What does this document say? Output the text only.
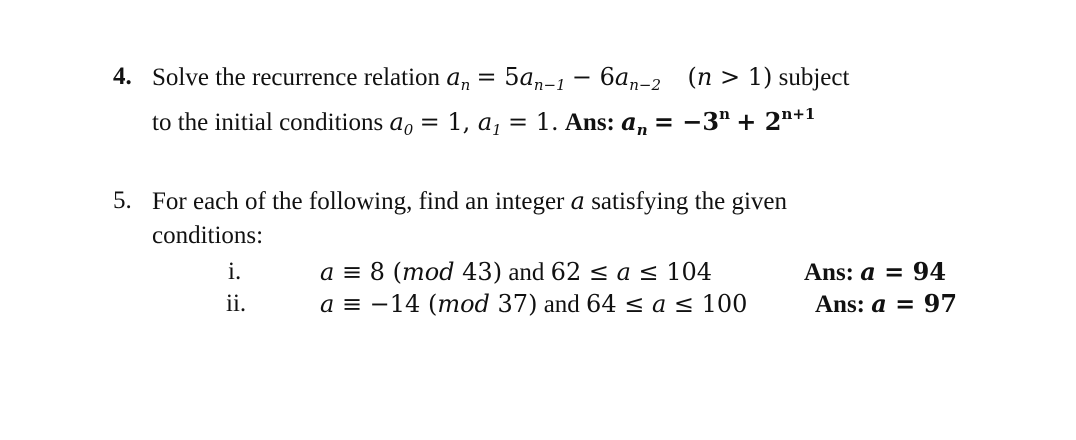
4. Solve the recurrence relation $a_n = 5a_{n-1} - 6a_{n-2}$ (n > 1) subject
to the initial conditions $a_0 = 1$, $a_1 = 1$. Ans: $a_n = -3^n + 2^{n+1}$
5. For each of the following, find an integer a satisfying the given
conditions:
i.	a ≡ 8 (mod 43) and 62 ≤ a ≤ 104	Ans: a = 94
ii.	a ≡ −14 (mod 37) and 64 ≤ a ≤ 100	Ans: a = 97
